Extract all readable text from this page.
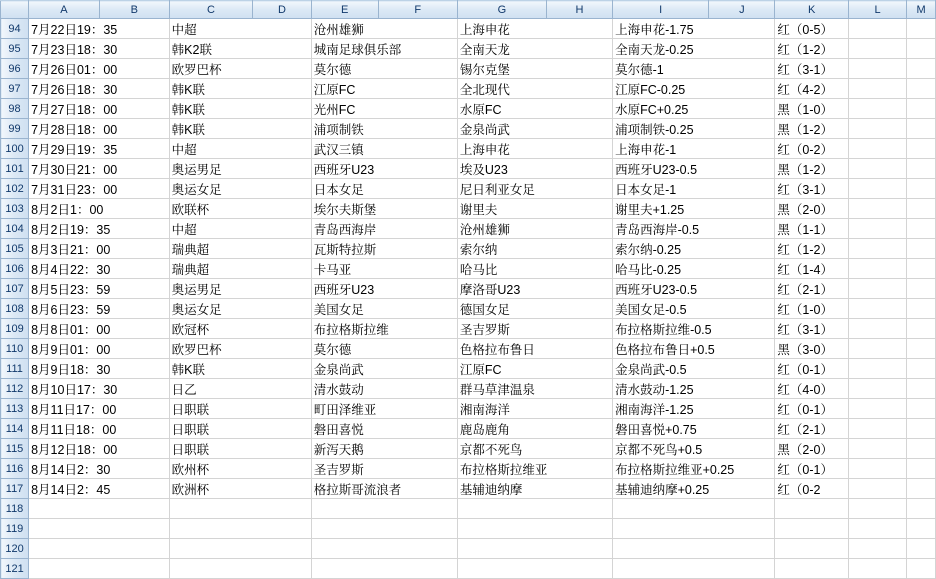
	A	B	C	D	E	F	G	H	I	J	K	L	M
94	7月22日19：35		中超		沧州雄狮		上海申花		上海申花-1.75		红（0-5）		
95	7月23日18：30		韩K2联		城南足球俱乐部		全南天龙		全南天龙-0.25		红（1-2）		
96	7月26日01：00		欧罗巴杯		莫尔德		锡尔克堡		莫尔德-1		红（3-1）		
97	7月26日18：30		韩K联		江原FC		全北现代		江原FC-0.25		红（4-2）		
98	7月27日18：00		韩K联		光州FC		水原FC		水原FC+0.25		黑（1-0）		
99	7月28日18：00		韩K联		浦项制铁		金泉尚武		浦项制铁-0.25		黑（1-2）		
100	7月29日19：35		中超		武汉三镇		上海申花		上海申花-1		红（0-2）		
101	7月30日21：00		奥运男足		西班牙U23		埃及U23		西班牙U23-0.5		黑（1-2）		
102	7月31日23：00		奥运女足		日本女足		尼日利亚女足		日本女足-1		红（3-1）		
103	8月2日1：00		欧联杯		埃尔夫斯堡		谢里夫		谢里夫+1.25		黑（2-0）		
104	8月2日19：35		中超		青岛西海岸		沧州雄狮		青岛西海岸-0.5		黑（1-1）		
105	8月3日21：00		瑞典超		瓦斯特拉斯		索尔纳		索尔纳-0.25		红（1-2）		
106	8月4日22：30		瑞典超		卡马亚		哈马比		哈马比-0.25		红（1-4）		
107	8月5日23：59		奥运男足		西班牙U23		摩洛哥U23		西班牙U23-0.5		红（2-1）		
108	8月6日23：59		奥运女足		美国女足		德国女足		美国女足-0.5		红（1-0）		
109	8月8日01：00		欧冠杯		布拉格斯拉维		圣吉罗斯		布拉格斯拉维-0.5		红（3-1）		
110	8月9日01：00		欧罗巴杯		莫尔德		色格拉布鲁日		色格拉布鲁日+0.5		黑（3-0）		
111	8月9日18：30		韩K联		金泉尚武		江原FC		金泉尚武-0.5		红（0-1）		
112	8月10日17：30		日乙		清水鼓动		群马草津温泉		清水鼓动-1.25		红（4-0）		
113	8月11日17：00		日职联		町田泽维亚		湘南海洋		湘南海洋-1.25		红（0-1）		
114	8月11日18：00		日职联		磐田喜悦		鹿岛鹿角		磐田喜悦+0.75		红（2-1）		
115	8月12日18：00		日职联		新泻天鹅		京都不死鸟		京都不死鸟+0.5		黑（2-0）		
116	8月14日2：30		欧州杯		圣吉罗斯		布拉格斯拉维亚		布拉格斯拉维亚+0.25		红（0-1）		
117	8月14日2：45		欧洲杯		格拉斯哥流浪者		基辅迪纳摩		基辅迪纳摩+0.25		红（0-2		
118													
119													
120													
121													
